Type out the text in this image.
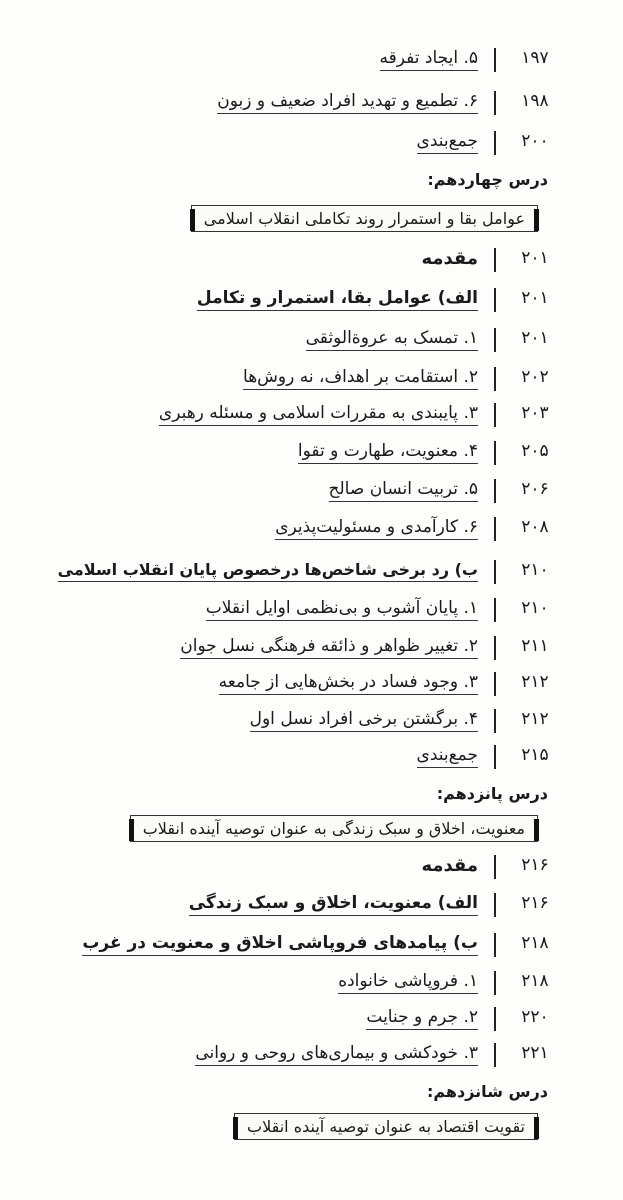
۱۹۷
۵. ایجاد تفرقه
۱۹۸
۶. تطمیع و تهدید افراد ضعیف و زبون
۲۰۰
جمع‌بندی
درس چهاردهم:
عوامل بقا و استمرار روند تکاملی انقلاب اسلامی
۲۰۱
مقدمه
۲۰۱
الف) عوامل بقا، استمرار و تکامل
۲۰۱
۱. تمسک به عروة‌الوثقی
۲۰۲
۲. استقامت بر اهداف، نه روش‌ها
۲۰۳
۳. پایبندی به مقررات اسلامی و مسئله رهبری
۲۰۵
۴. معنویت، طهارت و تقوا
۲۰۶
۵. تربیت انسان صالح
۲۰۸
۶. کارآمدی و مسئولیت‌پذیری
۲۱۰
ب) رد برخی شاخص‌ها درخصوص پایان انقلاب اسلامی
۲۱۰
۱. پایان آشوب و بی‌نظمی اوایل انقلاب
۲۱۱
۲. تغییر ظواهر و ذائقه فرهنگی نسل جوان
۲۱۲
۳. وجود فساد در بخش‌هایی از جامعه
۲۱۲
۴. برگشتن برخی افراد نسل اول
۲۱۵
جمع‌بندی
درس پانزدهم:
معنویت، اخلاق و سبک زندگی به عنوان توصیه آینده انقلاب
۲۱۶
مقدمه
۲۱۶
الف) معنویت، اخلاق و سبک زندگی
۲۱۸
ب) پیامدهای فروپاشی اخلاق و معنویت در غرب
۲۱۸
۱. فروپاشی خانواده
۲۲۰
۲. جرم و جنایت
۲۲۱
۳. خودکشی و بیماری‌های روحی و روانی
درس شانزدهم:
تقویت اقتصاد به عنوان توصیه آینده انقلاب
